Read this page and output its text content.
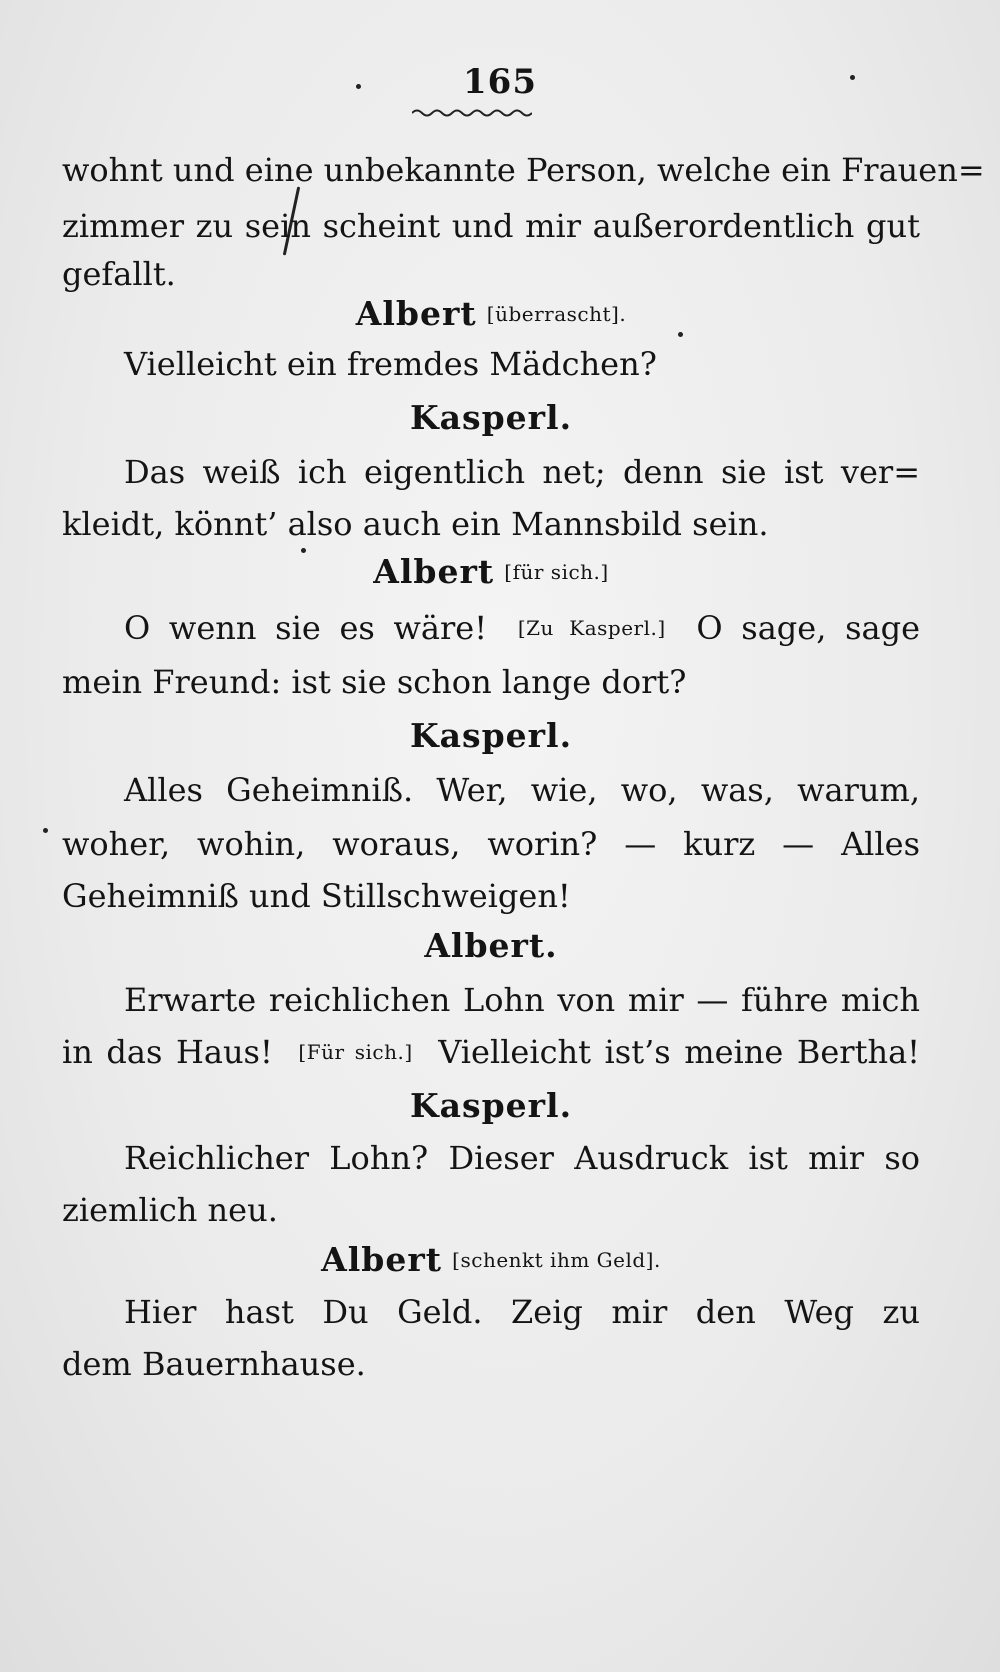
165
wohnt und eine unbekannte Person, welche ein Frauen=
zimmer zu sein scheint und mir außerordentlich gut
gefallt.
Albert [überrascht].
Vielleicht ein fremdes Mädchen?
Kasperl.
Das weiß ich eigentlich net; denn sie ist ver=
kleidt, könnt’ also auch ein Mannsbild sein.
Albert [für sich.]
O wenn sie es wäre! [Zu Kasperl.] O sage, sage
mein Freund: ist sie schon lange dort?
Kasperl.
Alles Geheimniß. Wer, wie, wo, was, warum,
woher, wohin, woraus, worin? — kurz — Alles
Geheimniß und Stillschweigen!
Albert.
Erwarte reichlichen Lohn von mir — führe mich
in das Haus! [Für sich.] Vielleicht ist’s meine Bertha!
Kasperl.
Reichlicher Lohn? Dieser Ausdruck ist mir so
ziemlich neu.
Albert [schenkt ihm Geld].
Hier hast Du Geld. Zeig mir den Weg zu
dem Bauernhause.
